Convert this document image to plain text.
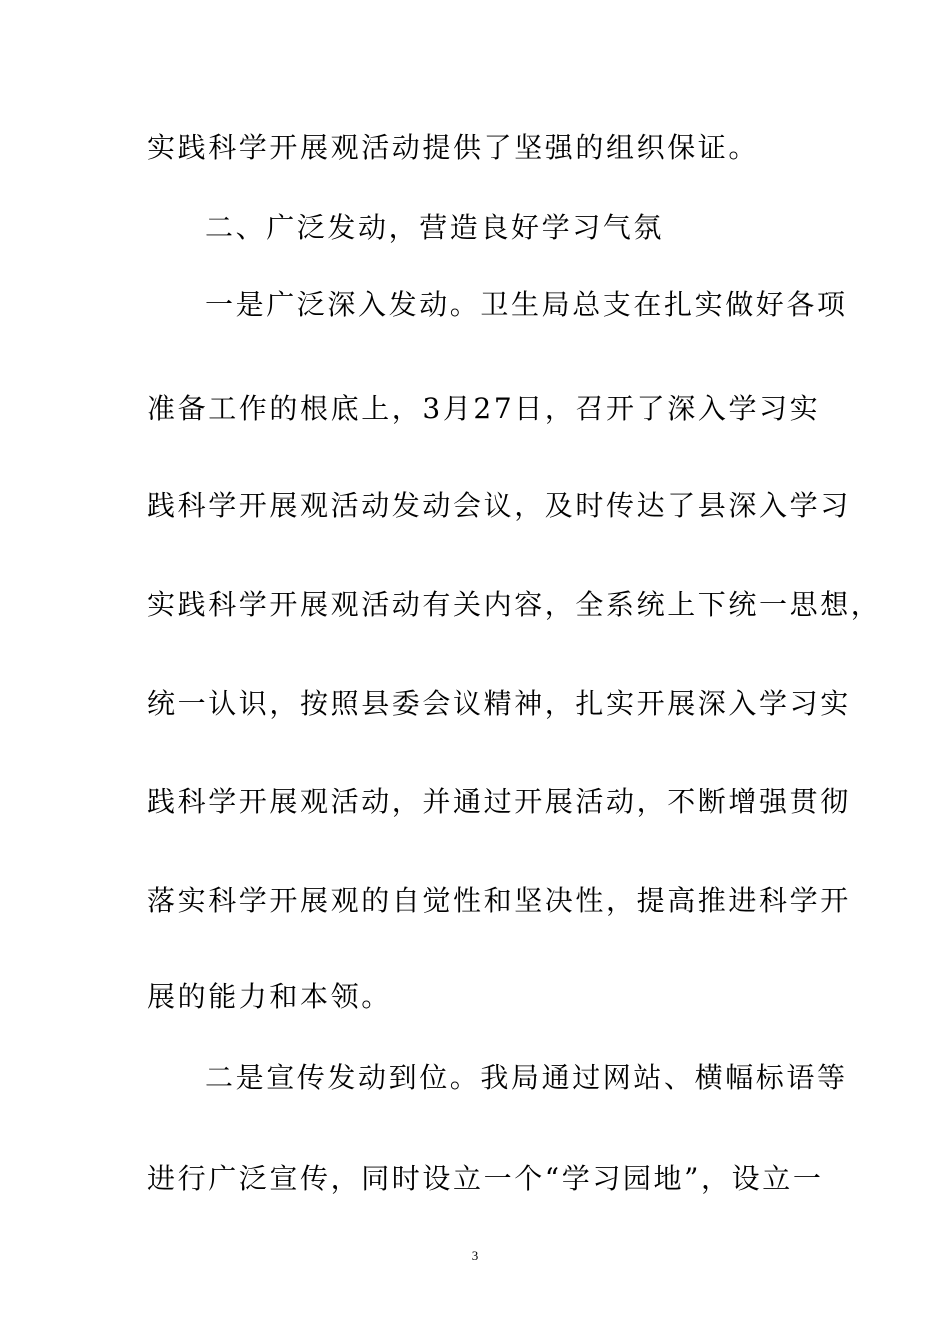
实践科学开展观活动提供了坚强的组织保证。
二、广泛发动，营造良好学习气氛
一是广泛深入发动。卫生局总支在扎实做好各项
准备工作的根底上，3月27日，召开了深入学习实
践科学开展观活动发动会议，及时传达了县深入学习
实践科学开展观活动有关内容，全系统上下统一思想，
统一认识，按照县委会议精神，扎实开展深入学习实
践科学开展观活动，并通过开展活动，不断增强贯彻
落实科学开展观的自觉性和坚决性，提高推进科学开
展的能力和本领。
二是宣传发动到位。我局通过网站、横幅标语等
进行广泛宣传，同时设立一个“学习园地”，设立一
3
